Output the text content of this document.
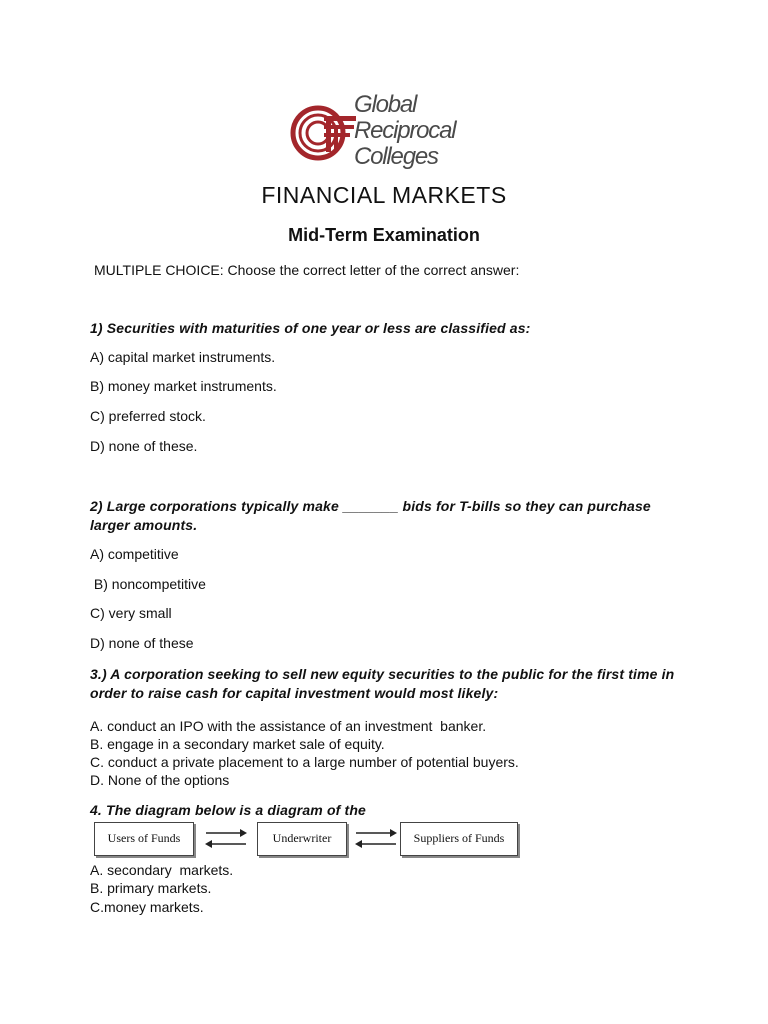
Global
Reciprocal
Colleges
FINANCIAL MARKETS
Mid-Term Examination
MULTIPLE CHOICE: Choose the correct letter of the correct answer:
1) Securities with maturities of one year or less are classified as:
A) capital market instruments.
B) money market instruments.
C) preferred stock.
D) none of these.
2) Large corporations typically make _______ bids for T-bills so they can purchase larger amounts.
A) competitive
B) noncompetitive
C) very small
D) none of these
3.) A corporation seeking to sell new equity securities to the public for the first time in order to raise cash for capital investment would most likely:
A. conduct an IPO with the assistance of an investment  banker.
B. engage in a secondary market sale of equity.
C. conduct a private placement to a large number of potential buyers.
D. None of the options
4. The diagram below is a diagram of the
Users of Funds	Underwriter	Suppliers of Funds
A. secondary  markets.
B. primary markets.
C.money markets.
